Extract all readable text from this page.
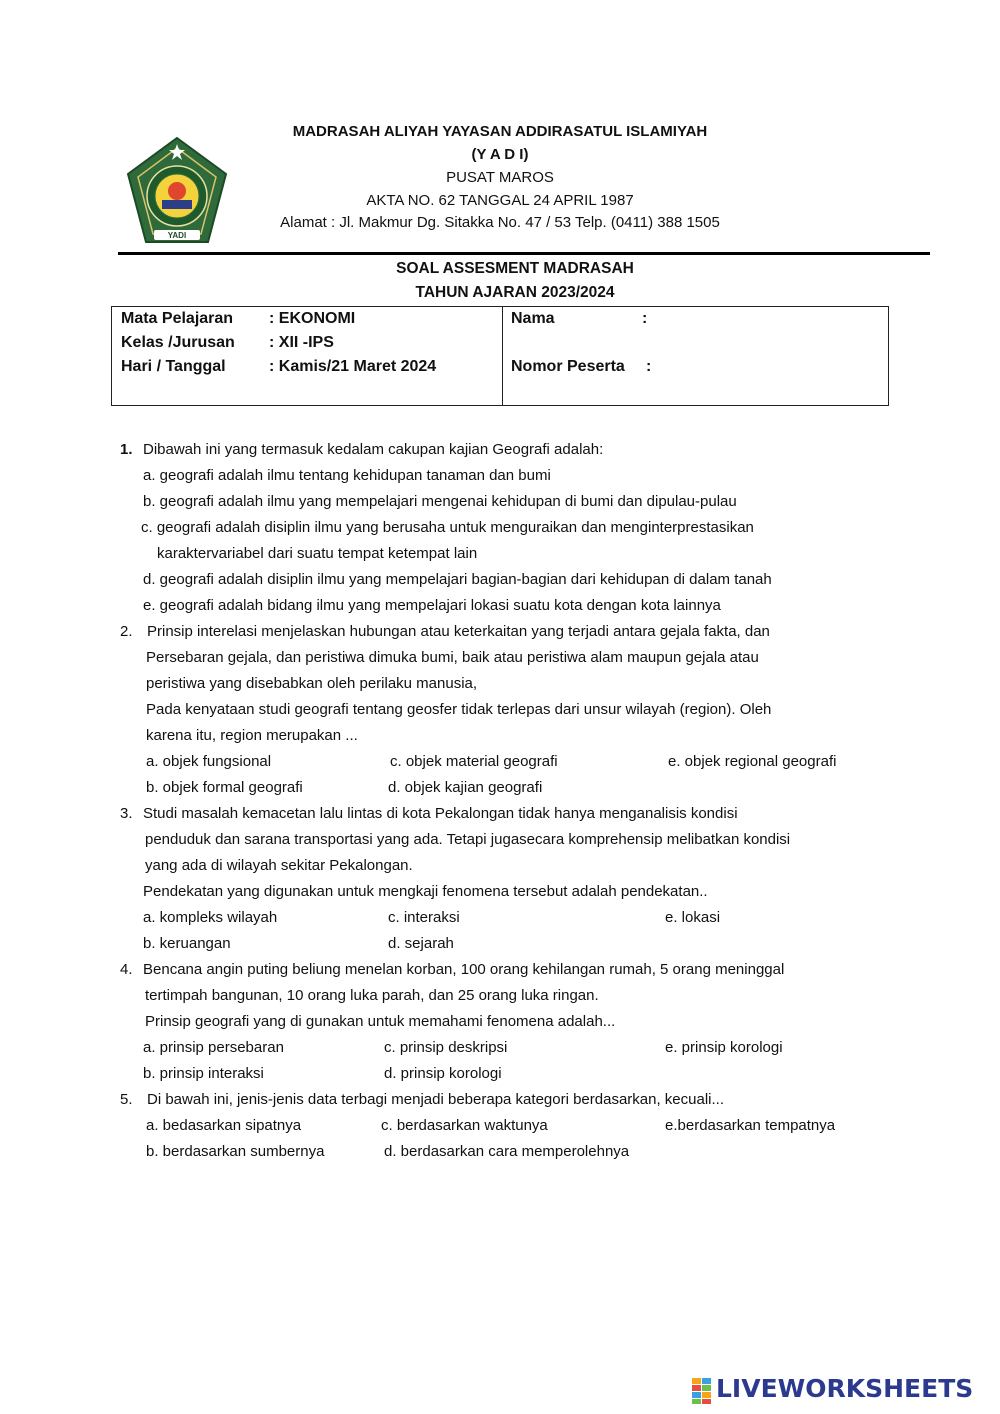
YADI
MADRASAH ALIYAH YAYASAN ADDIRASATUL ISLAMIYAH
(Y A D I)
PUSAT MAROS
AKTA NO. 62 TANGGAL 24 APRIL 1987
Alamat : Jl. Makmur Dg. Sitakka No. 47 / 53 Telp. (0411) 388 1505
SOAL ASSESMENT MADRASAH
TAHUN AJARAN 2023/2024
Mata Pelajaran : EKONOMI
Kelas /Jurusan : XII -IPS
Hari / Tanggal	: Kamis/21 Maret 2024
Nama	:
Nomor Peserta :
1. Dibawah ini yang termasuk kedalam cakupan kajian Geografi adalah:
a. geografi adalah ilmu tentang kehidupan tanaman dan bumi
b. geografi adalah ilmu yang mempelajari mengenai kehidupan di bumi dan dipulau-pulau
c. geografi adalah disiplin ilmu yang berusaha untuk menguraikan dan menginterprestasikan
karaktervariabel dari suatu tempat ketempat lain
d. geografi adalah disiplin ilmu yang mempelajari bagian-bagian dari kehidupan di dalam tanah
e. geografi adalah bidang ilmu yang mempelajari lokasi suatu kota dengan kota lainnya
2. Prinsip interelasi menjelaskan hubungan atau keterkaitan yang terjadi antara gejala fakta, dan
Persebaran gejala, dan peristiwa dimuka bumi, baik atau peristiwa alam maupun gejala atau
peristiwa yang disebabkan oleh perilaku manusia,
Pada kenyataan studi geografi tentang geosfer tidak terlepas dari unsur wilayah (region). Oleh
karena itu, region merupakan ...
a. objek fungsional	c. objek material geografi	e. objek regional geografi
b. objek formal geografi	d. objek kajian geografi
3. Studi masalah kemacetan lalu lintas di kota Pekalongan tidak hanya menganalisis kondisi
penduduk dan sarana transportasi yang ada. Tetapi jugasecara komprehensip melibatkan kondisi
yang ada di wilayah sekitar Pekalongan.
Pendekatan yang digunakan untuk mengkaji fenomena tersebut adalah pendekatan..
a. kompleks wilayah	c. interaksi	e. lokasi
b. keruangan	d. sejarah
4. Bencana angin puting beliung menelan korban, 100 orang kehilangan rumah, 5 orang meninggal
tertimpah bangunan, 10 orang luka parah, dan 25 orang luka ringan.
Prinsip geografi yang di gunakan untuk memahami fenomena adalah...
a. prinsip persebaran	c. prinsip deskripsi	e. prinsip korologi
b. prinsip interaksi	d. prinsip korologi
5. Di bawah ini, jenis-jenis data terbagi menjadi beberapa kategori berdasarkan, kecuali...
a. bedasarkan sipatnya	c. berdasarkan waktunya	e.berdasarkan tempatnya
b. berdasarkan sumbernya	d. berdasarkan cara memperolehnya
LIVEWORKSHEETS
